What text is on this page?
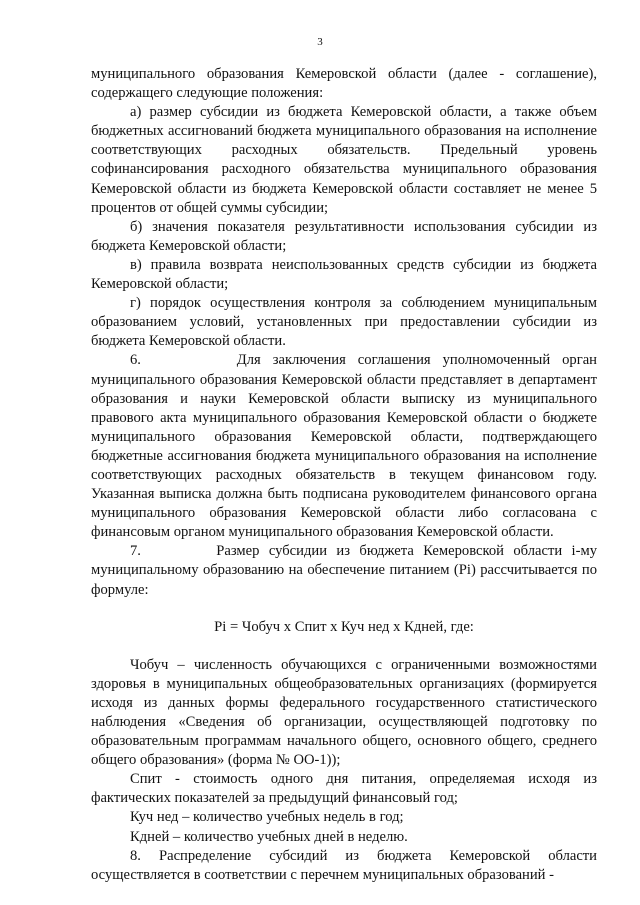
3

муниципального образования Кемеровской области (далее - соглашение), содержащего следующие положения:

а) размер субсидии из бюджета Кемеровской области, а также объем бюджетных ассигнований бюджета муниципального образования на исполнение соответствующих расходных обязательств. Предельный уровень софинансирования расходного обязательства муниципального образования Кемеровской области из бюджета Кемеровской области составляет не менее 5 процентов от общей суммы субсидии;

б) значения показателя результативности использования субсидии из бюджета Кемеровской области;

в) правила возврата неиспользованных средств субсидии из бюджета Кемеровской области;

г) порядок осуществления контроля за соблюдением муниципальным образованием условий, установленных при предоставлении субсидии из бюджета Кемеровской области.

6.        Для заключения соглашения уполномоченный орган муниципального образования Кемеровской области представляет в департамент образования и науки Кемеровской области выписку из муниципального правового акта муниципального образования Кемеровской области о бюджете муниципального образования Кемеровской области, подтверждающего бюджетные ассигнования бюджета муниципального образования на исполнение соответствующих расходных обязательств в текущем финансовом году. Указанная выписка должна быть подписана руководителем финансового органа муниципального образования Кемеровской области либо согласована с финансовым органом муниципального образования Кемеровской области.

7.        Размер субсидии из бюджета Кемеровской области i-му муниципальному образованию на обеспечение питанием (Pi) рассчитывается по формуле:

Pi = Чобуч х Спит х Куч нед х Кдней, где:

Чобуч – численность обучающихся с ограниченными возможностями здоровья в муниципальных общеобразовательных организациях (формируется исходя из данных формы федерального государственного статистического наблюдения «Сведения об организации, осуществляющей подготовку по образовательным программам начального общего, основного общего, среднего общего образования» (форма № ОО-1));

Спит - стоимость одного дня питания, определяемая исходя из фактических показателей за предыдущий финансовый год;

Куч нед – количество учебных недель в год;

Кдней – количество учебных дней в неделю.

8. Распределение субсидий из бюджета Кемеровской области осуществляется в соответствии с перечнем муниципальных образований -
